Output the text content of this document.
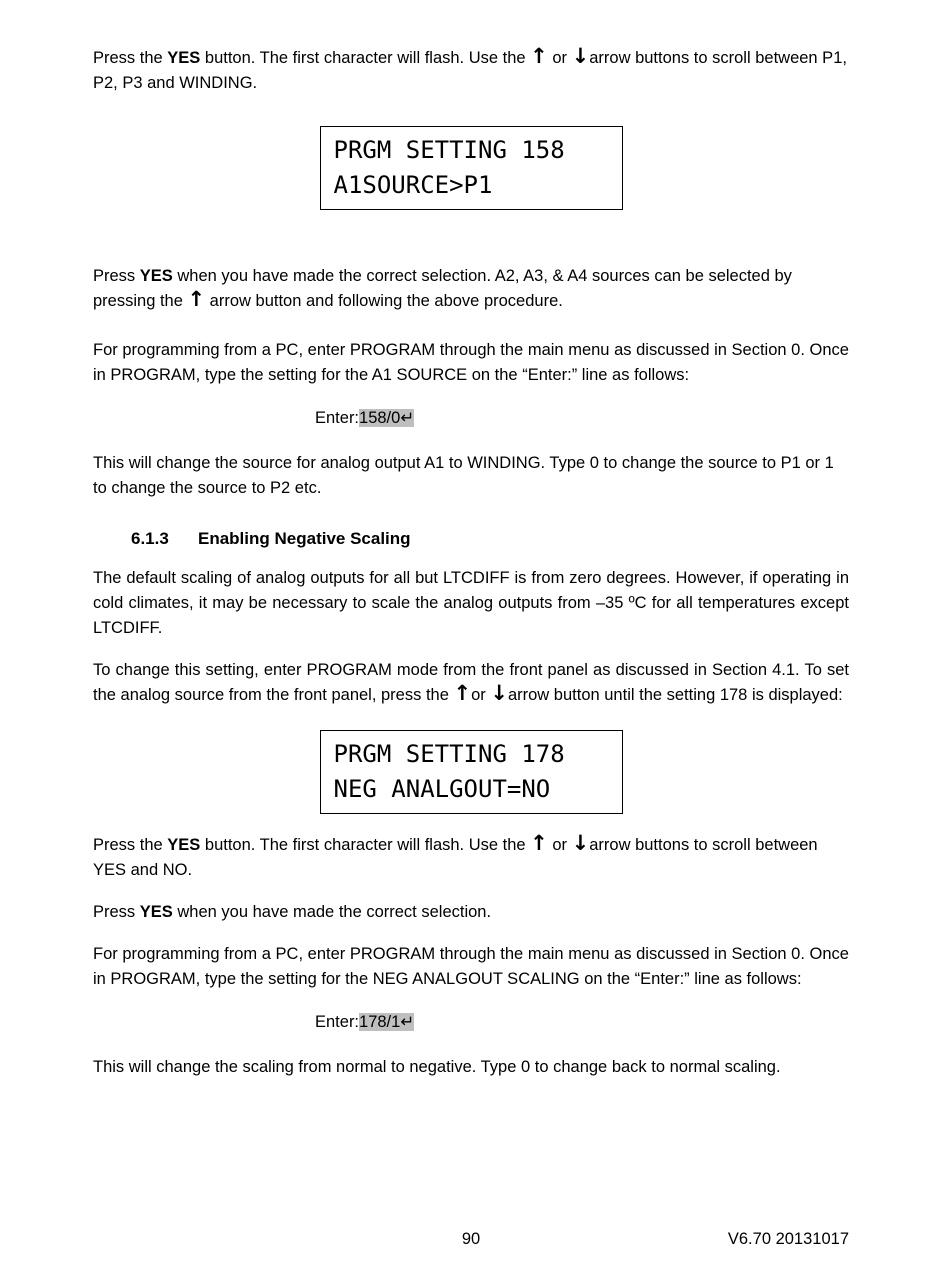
Press the YES button. The first character will flash. Use the ↑ or ↓arrow buttons to scroll between P1, P2, P3 and WINDING.

PRGM SETTING 158
A1SOURCE>P1

Press YES when you have made the correct selection. A2, A3, & A4 sources can be selected by pressing the ↑ arrow button and following the above procedure.

For programming from a PC, enter PROGRAM through the main menu as discussed in Section 0. Once in PROGRAM, type the setting for the A1 SOURCE on the “Enter:” line as follows:

Enter:158/0↵

This will change the source for analog output A1 to WINDING. Type 0 to change the source to P1 or 1 to change the source to P2 etc.

6.1.3 Enabling Negative Scaling

The default scaling of analog outputs for all but LTCDIFF is from zero degrees. However, if operating in cold climates, it may be necessary to scale the analog outputs from –35 ºC for all temperatures except LTCDIFF.

To change this setting, enter PROGRAM mode from the front panel as discussed in Section 4.1. To set the analog source from the front panel, press the ↑or ↓arrow button until the setting 178 is displayed:

PRGM SETTING 178
NEG ANALGOUT=NO

Press the YES button. The first character will flash. Use the ↑ or ↓arrow buttons to scroll between YES and NO.

Press YES when you have made the correct selection.

For programming from a PC, enter PROGRAM through the main menu as discussed in Section 0. Once in PROGRAM, type the setting for the NEG ANALGOUT SCALING on the “Enter:” line as follows:

Enter:178/1↵

This will change the scaling from normal to negative. Type 0 to change back to normal scaling.

90	V6.70 20131017
